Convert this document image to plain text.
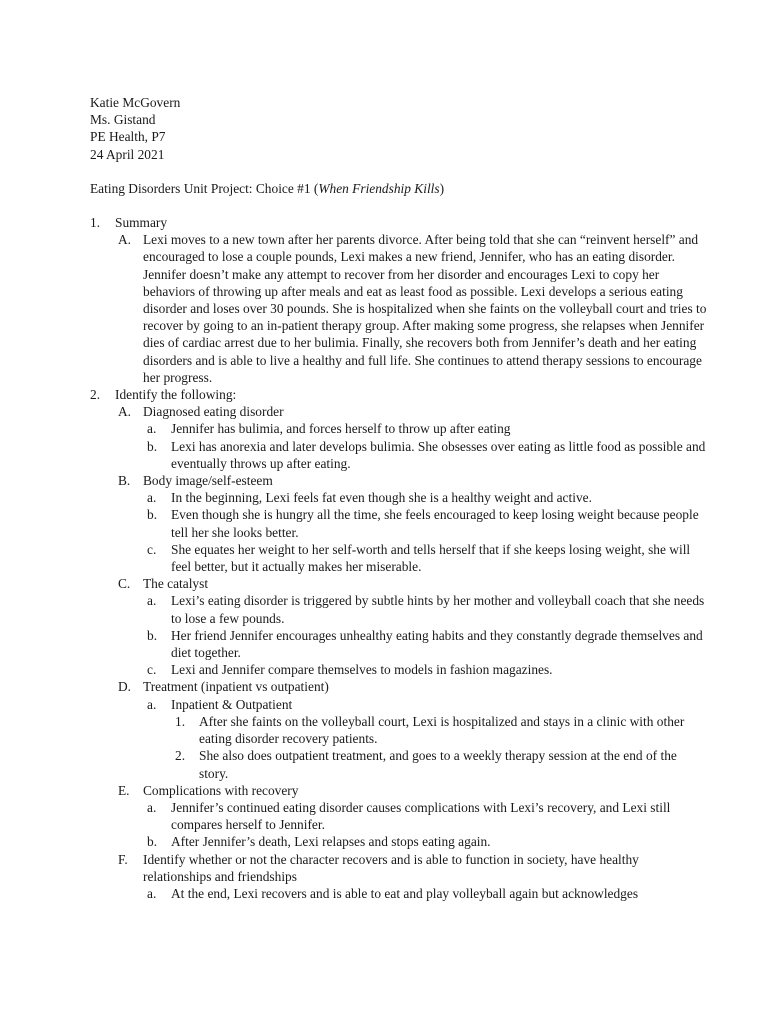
Katie McGovern
Ms. Gistand
PE Health, P7
24 April 2021
Eating Disorders Unit Project: Choice #1 (When Friendship Kills)
1. Summary
A. Lexi moves to a new town after her parents divorce. After being told that she can “reinvent herself” and encouraged to lose a couple pounds, Lexi makes a new friend, Jennifer, who has an eating disorder. Jennifer doesn’t make any attempt to recover from her disorder and encourages Lexi to copy her behaviors of throwing up after meals and eat as least food as possible. Lexi develops a serious eating disorder and loses over 30 pounds. She is hospitalized when she faints on the volleyball court and tries to recover by going to an in-patient therapy group. After making some progress, she relapses when Jennifer dies of cardiac arrest due to her bulimia. Finally, she recovers both from Jennifer’s death and her eating disorders and is able to live a healthy and full life. She continues to attend therapy sessions to encourage her progress.
2. Identify the following:
A. Diagnosed eating disorder
a. Jennifer has bulimia, and forces herself to throw up after eating
b. Lexi has anorexia and later develops bulimia. She obsesses over eating as little food as possible and eventually throws up after eating.
B. Body image/self-esteem
a. In the beginning, Lexi feels fat even though she is a healthy weight and active.
b. Even though she is hungry all the time, she feels encouraged to keep losing weight because people tell her she looks better.
c. She equates her weight to her self-worth and tells herself that if she keeps losing weight, she will feel better, but it actually makes her miserable.
C. The catalyst
a. Lexi’s eating disorder is triggered by subtle hints by her mother and volleyball coach that she needs to lose a few pounds.
b. Her friend Jennifer encourages unhealthy eating habits and they constantly degrade themselves and diet together.
c. Lexi and Jennifer compare themselves to models in fashion magazines.
D. Treatment (inpatient vs outpatient)
a. Inpatient & Outpatient
1. After she faints on the volleyball court, Lexi is hospitalized and stays in a clinic with other eating disorder recovery patients.
2. She also does outpatient treatment, and goes to a weekly therapy session at the end of the story.
E. Complications with recovery
a. Jennifer’s continued eating disorder causes complications with Lexi’s recovery, and Lexi still compares herself to Jennifer.
b. After Jennifer’s death, Lexi relapses and stops eating again.
F. Identify whether or not the character recovers and is able to function in society, have healthy relationships and friendships
a. At the end, Lexi recovers and is able to eat and play volleyball again but acknowledges
